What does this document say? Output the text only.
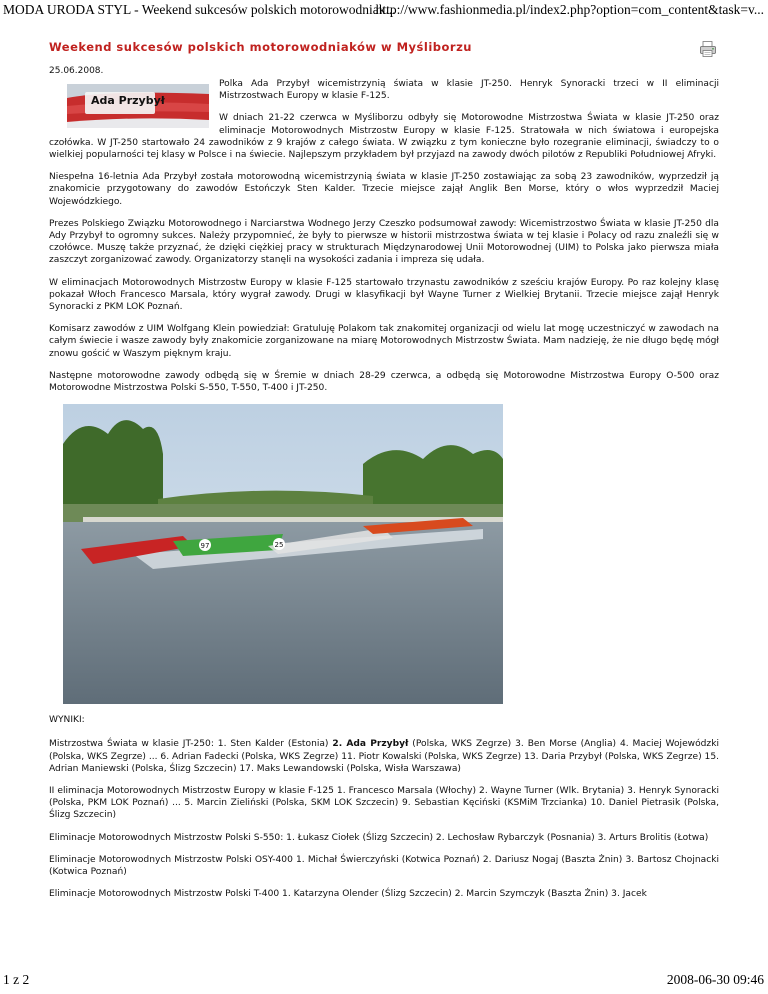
MODA URODA STYL - Weekend sukcesów polskich motorowodniak...
http://www.fashionmedia.pl/index2.php?option=com_content&task=v...
Weekend sukcesów polskich motorowodniaków w Myśliborzu
25.06.2008.
Ada Przybył

Polka Ada Przybył wicemistrzynią świata w klasie JT-250. Henryk Synoracki trzeci w II eliminacji Mistrzostwach Europy w klasie F-125.

W dniach 21-22 czerwca w Myśliborzu odbyły się Motorowodne Mistrzostwa Świata w klasie JT-250 oraz eliminacje Motorowodnych Mistrzostw Europy w klasie F-125. Stratowała w nich światowa i europejska czołówka. W JT-250 startowało 24 zawodników z 9 krajów z całego świata. W związku z tym konieczne było rozegranie eliminacji, świadczy to o wielkiej popularności tej klasy w Polsce i na świecie. Najlepszym przykładem był przyjazd na zawody dwóch pilotów z Republiki Południowej Afryki.

Niespełna 16-letnia Ada Przybył została motorowodną wicemistrzynią świata w klasie JT-250 zostawiając za sobą 23 zawodników, wyprzedził ją znakomicie przygotowany do zawodów Estończyk Sten Kalder. Trzecie miejsce zajął Anglik Ben Morse, który o włos wyprzedził Maciej Wojewódzkiego.

Prezes Polskiego Związku Motorowodnego i Narciarstwa Wodnego Jerzy Czeszko podsumował zawody: Wicemistrzostwo Świata w klasie JT-250 dla Ady Przybył to ogromny sukces. Należy przypomnieć, że były to pierwsze w historii mistrzostwa świata w tej klasie i Polacy od razu znaleźli się w czołówce. Muszę także przyznać, że dzięki ciężkiej pracy w strukturach Międzynarodowej Unii Motorowodnej (UIM) to Polska jako pierwsza miała zaszczyt zorganizować zawody. Organizatorzy stanęli na wysokości zadania i impreza się udała.

W eliminacjach Motorowodnych Mistrzostw Europy w klasie F-125 startowało trzynastu zawodników z sześciu krajów Europy. Po raz kolejny klasę pokazał Włoch Francesco Marsala, który wygrał zawody. Drugi w klasyfikacji był Wayne Turner z Wielkiej Brytanii. Trzecie miejsce zajął Henryk Synoracki z PKM LOK Poznań.

Komisarz zawodów z UIM Wolfgang Klein powiedział: Gratuluję Polakom tak znakomitej organizacji od wielu lat mogę uczestniczyć w zawodach na całym świecie i wasze zawody były znakomicie zorganizowane na miarę Motorowodnych Mistrzostw Świata. Mam nadzieję, że nie długo będę mógł znowu gościć w Waszym pięknym kraju.

Następne motorowodne zawody odbędą się w Śremie w dniach 28-29 czerwca, a odbędą się Motorowodne Mistrzostwa Europy O-500 oraz Motorowodne Mistrzostwa Polski S-550, T-550, T-400 i JT-250.

97	25

WYNIKI:

Mistrzostwa Świata w klasie JT-250: 1. Sten Kalder (Estonia) 2. Ada Przybył (Polska, WKS Zegrze) 3. Ben Morse (Anglia) 4. Maciej Wojewódzki (Polska, WKS Zegrze) ... 6. Adrian Fadecki (Polska, WKS Zegrze) 11. Piotr Kowalski (Polska, WKS Zegrze) 13. Daria Przybył (Polska, WKS Zegrze) 15. Adrian Maniewski (Polska, Ślizg Szczecin) 17. Maks Lewandowski (Polska, Wisła Warszawa)

II eliminacja Motorowodnych Mistrzostw Europy w klasie F-125 1. Francesco Marsala (Włochy) 2. Wayne Turner (Wlk. Brytania) 3. Henryk Synoracki (Polska, PKM LOK Poznań) ... 5. Marcin Zieliński (Polska, SKM LOK Szczecin) 9. Sebastian Kęciński (KSMiM Trzcianka) 10. Daniel Pietrasik (Polska, Ślizg Szczecin)

Eliminacje Motorowodnych Mistrzostw Polski S-550: 1. Łukasz Ciołek (Ślizg Szczecin) 2. Lechosław Rybarczyk (Posnania) 3. Arturs Brolitis (Łotwa)

Eliminacje Motorowodnych Mistrzostw Polski OSY-400 1. Michał Świerczyński (Kotwica Poznań) 2. Dariusz Nogaj (Baszta Żnin) 3. Bartosz Chojnacki (Kotwica Poznań)

Eliminacje Motorowodnych Mistrzostw Polski T-400 1. Katarzyna Olender (Ślizg Szczecin) 2. Marcin Szymczyk (Baszta Żnin) 3. Jacek

1 z 2	2008-06-30 09:46
